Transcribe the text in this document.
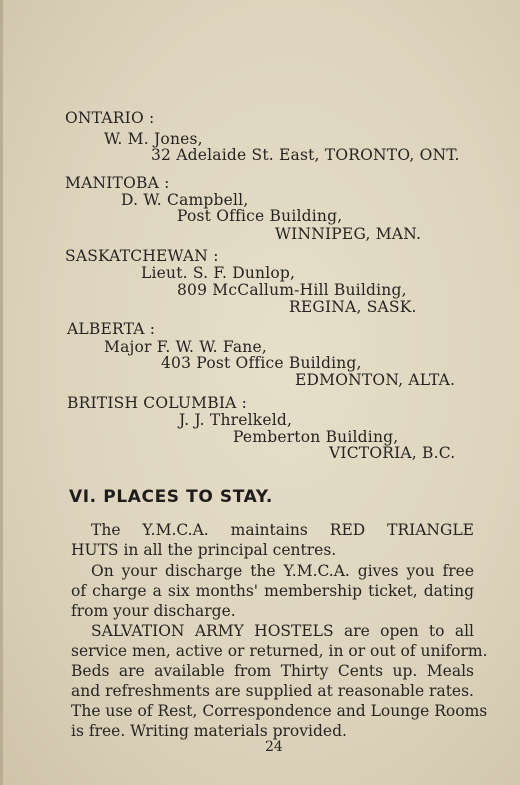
ONTARIO :
W. M. Jones,
32 Adelaide St. East, TORONTO, ONT.
MANITOBA :
D. W. Campbell,
Post Office Building,
WINNIPEG, MAN.
SASKATCHEWAN :
Lieut. S. F. Dunlop,
809 McCallum-Hill Building,
REGINA, SASK.
ALBERTA :
Major F. W. W. Fane,
403 Post Office Building,
EDMONTON, ALTA.
BRITISH COLUMBIA :
J. J. Threlkeld,
Pemberton Building,
VICTORIA, B.C.
VI. PLACES TO STAY.
The Y.M.C.A. maintains RED TRIANGLE
HUTS in all the principal centres.
On your discharge the Y.M.C.A. gives you free
of charge a six months' membership ticket, dating
from your discharge.
SALVATION ARMY HOSTELS are open to all
service men, active or returned, in or out of uniform.
Beds are available from Thirty Cents up. Meals
and refreshments are supplied at reasonable rates.
The use of Rest, Correspondence and Lounge Rooms
is free. Writing materials provided.
24
